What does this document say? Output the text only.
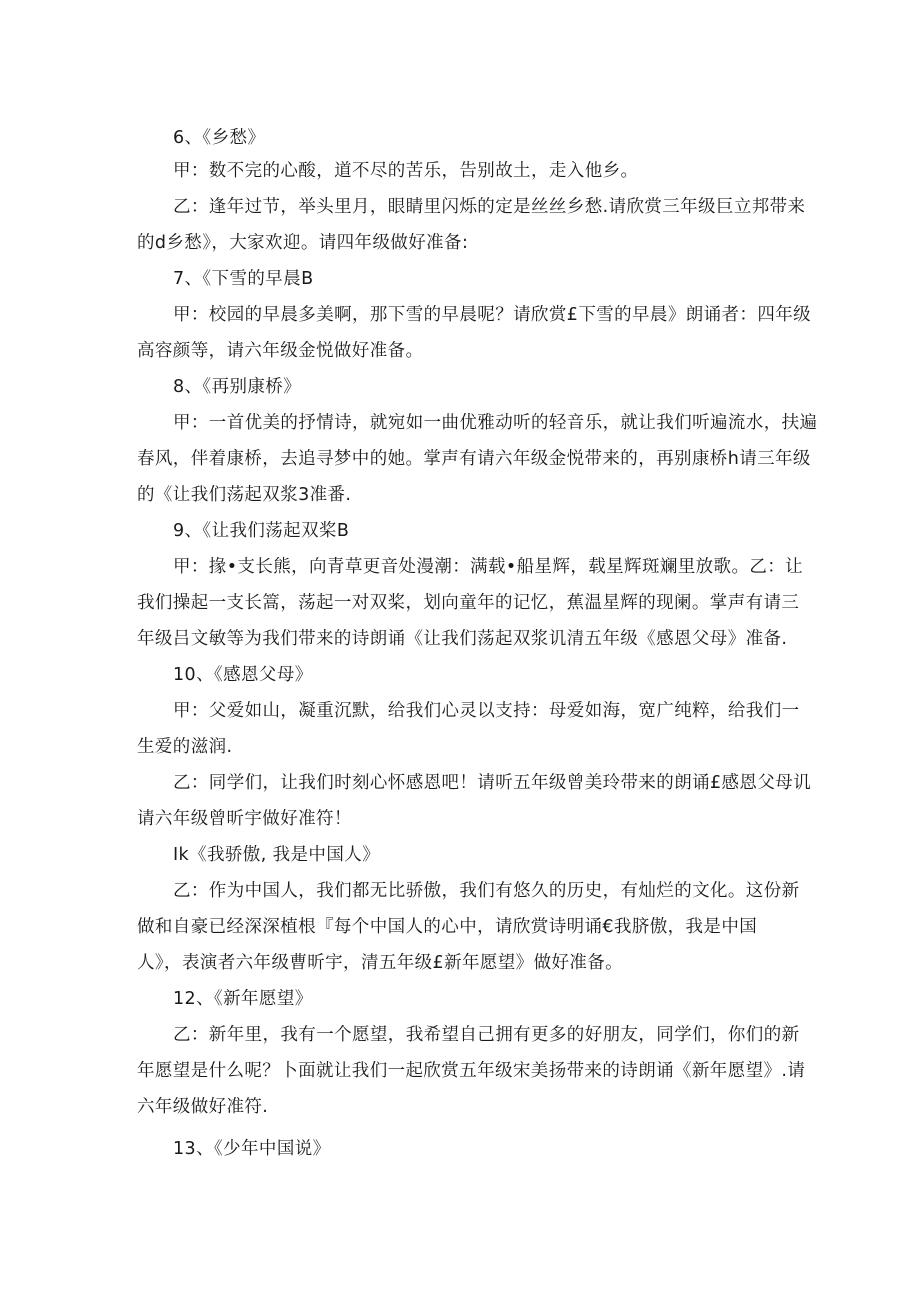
6、《乡愁》
甲：数不完的心酸，道不尽的苦乐，告别故土，走入他乡。
乙：逢年过节，举头里月，眼睛里闪烁的定是丝丝乡愁.请欣赏三年级巨立邦带来
的d乡愁》，大家欢迎。请四年级做好准备:
7、《下雪的早晨B
甲：校园的早晨多美啊，那下雪的早晨呢？请欣赏£下雪的早晨》朗诵者：四年级
高容颜等，请六年级金悦做好准备。
8、《再别康桥》
甲：一首优美的抒情诗，就宛如一曲优雅动听的轻音乐，就让我们听遍流水，扶遍
春风，伴着康桥，去追寻梦中的她。掌声有请六年级金悦带来的，再别康桥h请三年级
的《让我们荡起双浆3准番.
9、《让我们荡起双桨B
甲：掾•支长熊，向青草更音处漫潮：满载•船星辉，载星辉斑斓里放歌。乙：让
我们操起一支长篙，荡起一对双桨，划向童年的记忆，蕉温星辉的现阑。掌声有请三
年级吕文敏等为我们带来的诗朗诵《让我们荡起双浆讥清五年级《感恩父母》准备.
10、《感恩父母》
甲：父爱如山，凝重沉默，给我们心灵以支持：母爱如海，宽广纯粹，给我们一
生爱的滋润.
乙：同学们，让我们时刻心怀感恩吧！请听五年级曾美玲带来的朗诵£感恩父母讥
请六年级曾昕宇做好准符！
Ik《我骄傲, 我是中国人》
乙：作为中国人，我们都无比骄傲，我们有悠久的历史，有灿烂的文化。这份新
做和自豪已经深深植根『每个中国人的心中，请欣赏诗明诵€我脐傲，我是中国
人》，表演者六年级曹昕宇，清五年级£新年愿望》做好准备。
12、《新年愿望》
乙：新年里，我有一个愿望，我希望自己拥有更多的好朋友，同学们，你们的新
年愿望是什么呢？卜面就让我们一起欣赏五年级宋美扬带来的诗朗诵《新年愿望》.请
六年级做好准符.
13、《少年中国说》
